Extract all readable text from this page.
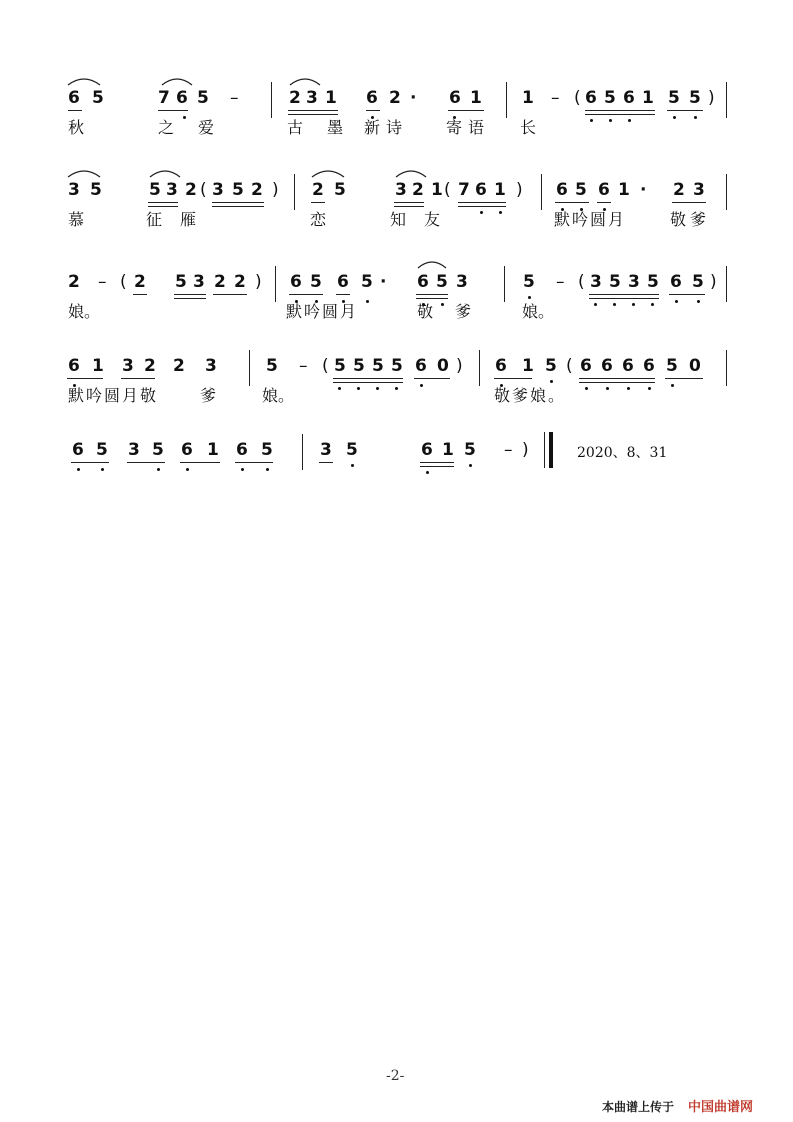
6 5	7 6 5 –	2 3 1 6 2 · 6 1 1 – ( 6 5 6 1 5 5 )
秋	之 爱	古 墨 新 诗	寄 语 长
3 5	5 3 2 ( 3 5 2 ) 2 5	3 2 1 ( 7 6 1 ) 6 5 6 1 · 2 3
慕	征 雁	恋	知 友	默吟圆月	敬爹
2 – ( 2 5 3 2 2 ) 6 5 6 5 · 6 5 3	5 – ( 3 5 3 5 6 5 )
娘。	默吟圆月	敬 爹	娘。
6 1 3 2 2 3	5 – ( 5 5 5 5 6 0 ) 6 1 5 ( 6 6 6 6 5 0
默吟圆月敬	爹	娘。	敬爹娘。
6 5 3 5 6 1 6 5	3 5	6 1 5 – )	2020、8、31
-2-
本曲谱上传于 中国曲谱网
